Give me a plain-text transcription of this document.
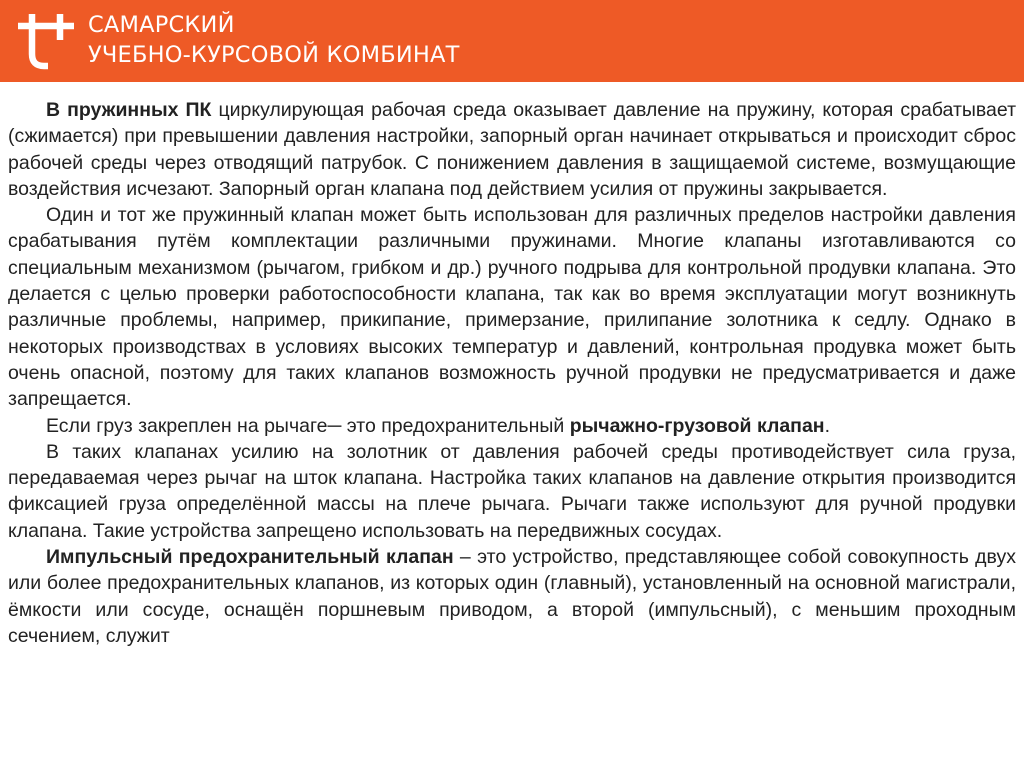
САМАРСКИЙ
УЧЕБНО-КУРСОВОЙ КОМБИНАТ

В пружинных ПК циркулирующая рабочая среда оказывает давление на пружину, которая срабатывает (сжимается) при превышении давления настройки, запорный орган начинает открываться и происходит сброс рабочей среды через отводящий патрубок. С понижением давления в защищаемой системе, возмущающие воздействия исчезают. Запорный орган клапана под действием усилия от пружины закрывается.

Один и тот же пружинный клапан может быть использован для различных пределов настройки давления срабатывания путём комплектации различными пружинами. Многие клапаны изготавливаются со специальным механизмом (рычагом, грибком и др.) ручного подрыва для контрольной продувки клапана. Это делается с целью проверки работоспособности клапана, так как во время эксплуатации могут возникнуть различные проблемы, например, прикипание, примерзание, прилипание золотника к седлу. Однако в некоторых производствах в условиях высоких температур и давлений, контрольная продувка может быть очень опасной, поэтому для таких клапанов возможность ручной продувки не предусматривается и даже запрещается.

Если груз закреплен на рычаге─ это предохранительный рычажно-грузовой клапан.

В таких клапанах усилию на золотник от давления рабочей среды противодействует сила груза, передаваемая через рычаг на шток клапана. Настройка таких клапанов на давление открытия производится фиксацией груза определённой массы на плече рычага. Рычаги также используют для ручной продувки клапана. Такие устройства запрещено использовать на передвижных сосудах.

Импульсный предохранительный клапан – это устройство, представляющее собой совокупность двух или более предохранительных клапанов, из которых один (главный), установленный на основной магистрали, ёмкости или сосуде, оснащён поршневым приводом, а второй (импульсный), с меньшим проходным сечением, служит
